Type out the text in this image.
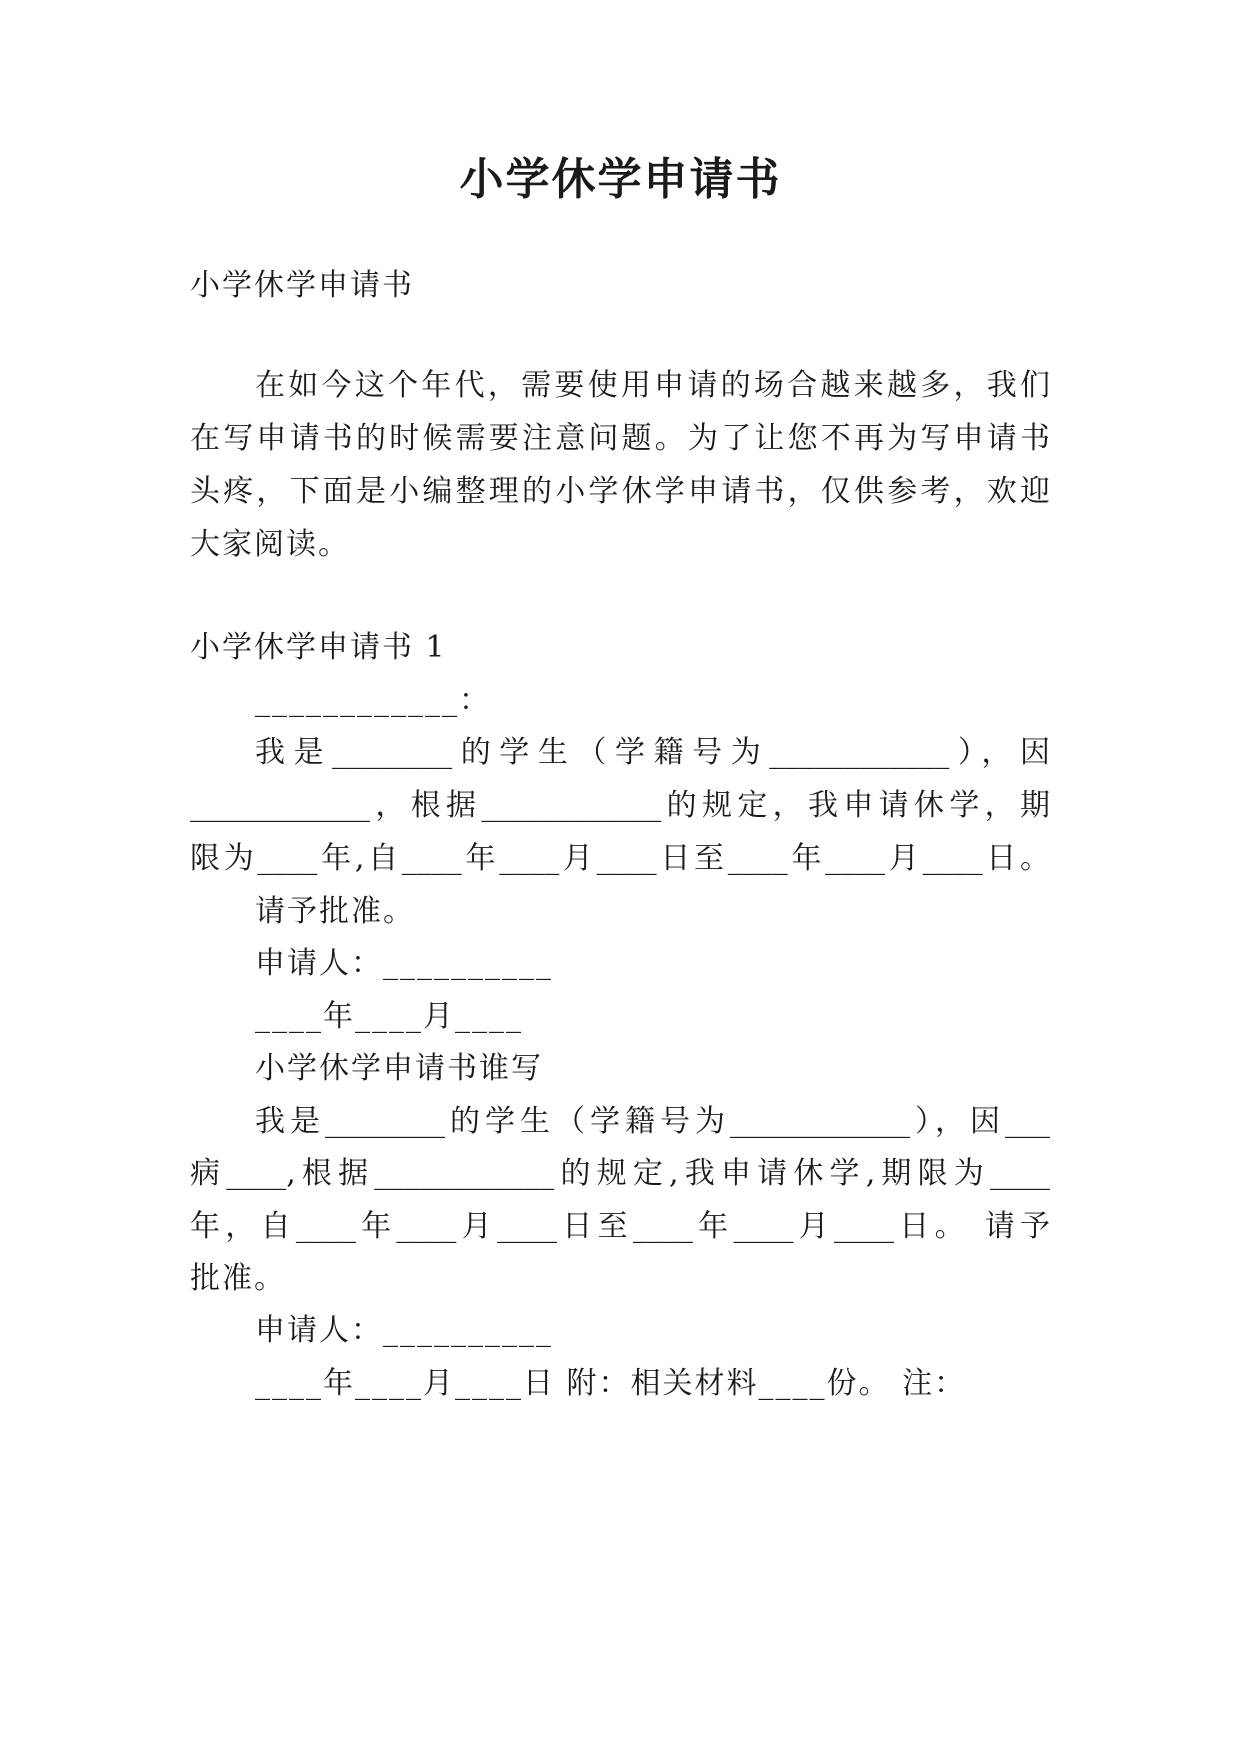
小学休学申请书
小学休学申请书
在如今这个年代，需要使用申请的场合越来越多，我们
在写申请书的时候需要注意问题。为了让您不再为写申请书
头疼，下面是小编整理的小学休学申请书，仅供参考，欢迎
大家阅读。
小学休学申请书 1
____________：
我是________的学生（学籍号为____________），因
____________，根据____________的规定，我申请休学，期
限为____年,自____年____月____日至____年____月____日。
请予批准。
申请人：__________
____年____月____
小学休学申请书谁写
我是________的学生（学籍号为____________），因___
病____,根据____________的规定,我申请休学,期限为____
年，自____年____月____日至____年____月____日。 请予
批准。
申请人：__________
____年____月____日 附：相关材料____份。 注：
